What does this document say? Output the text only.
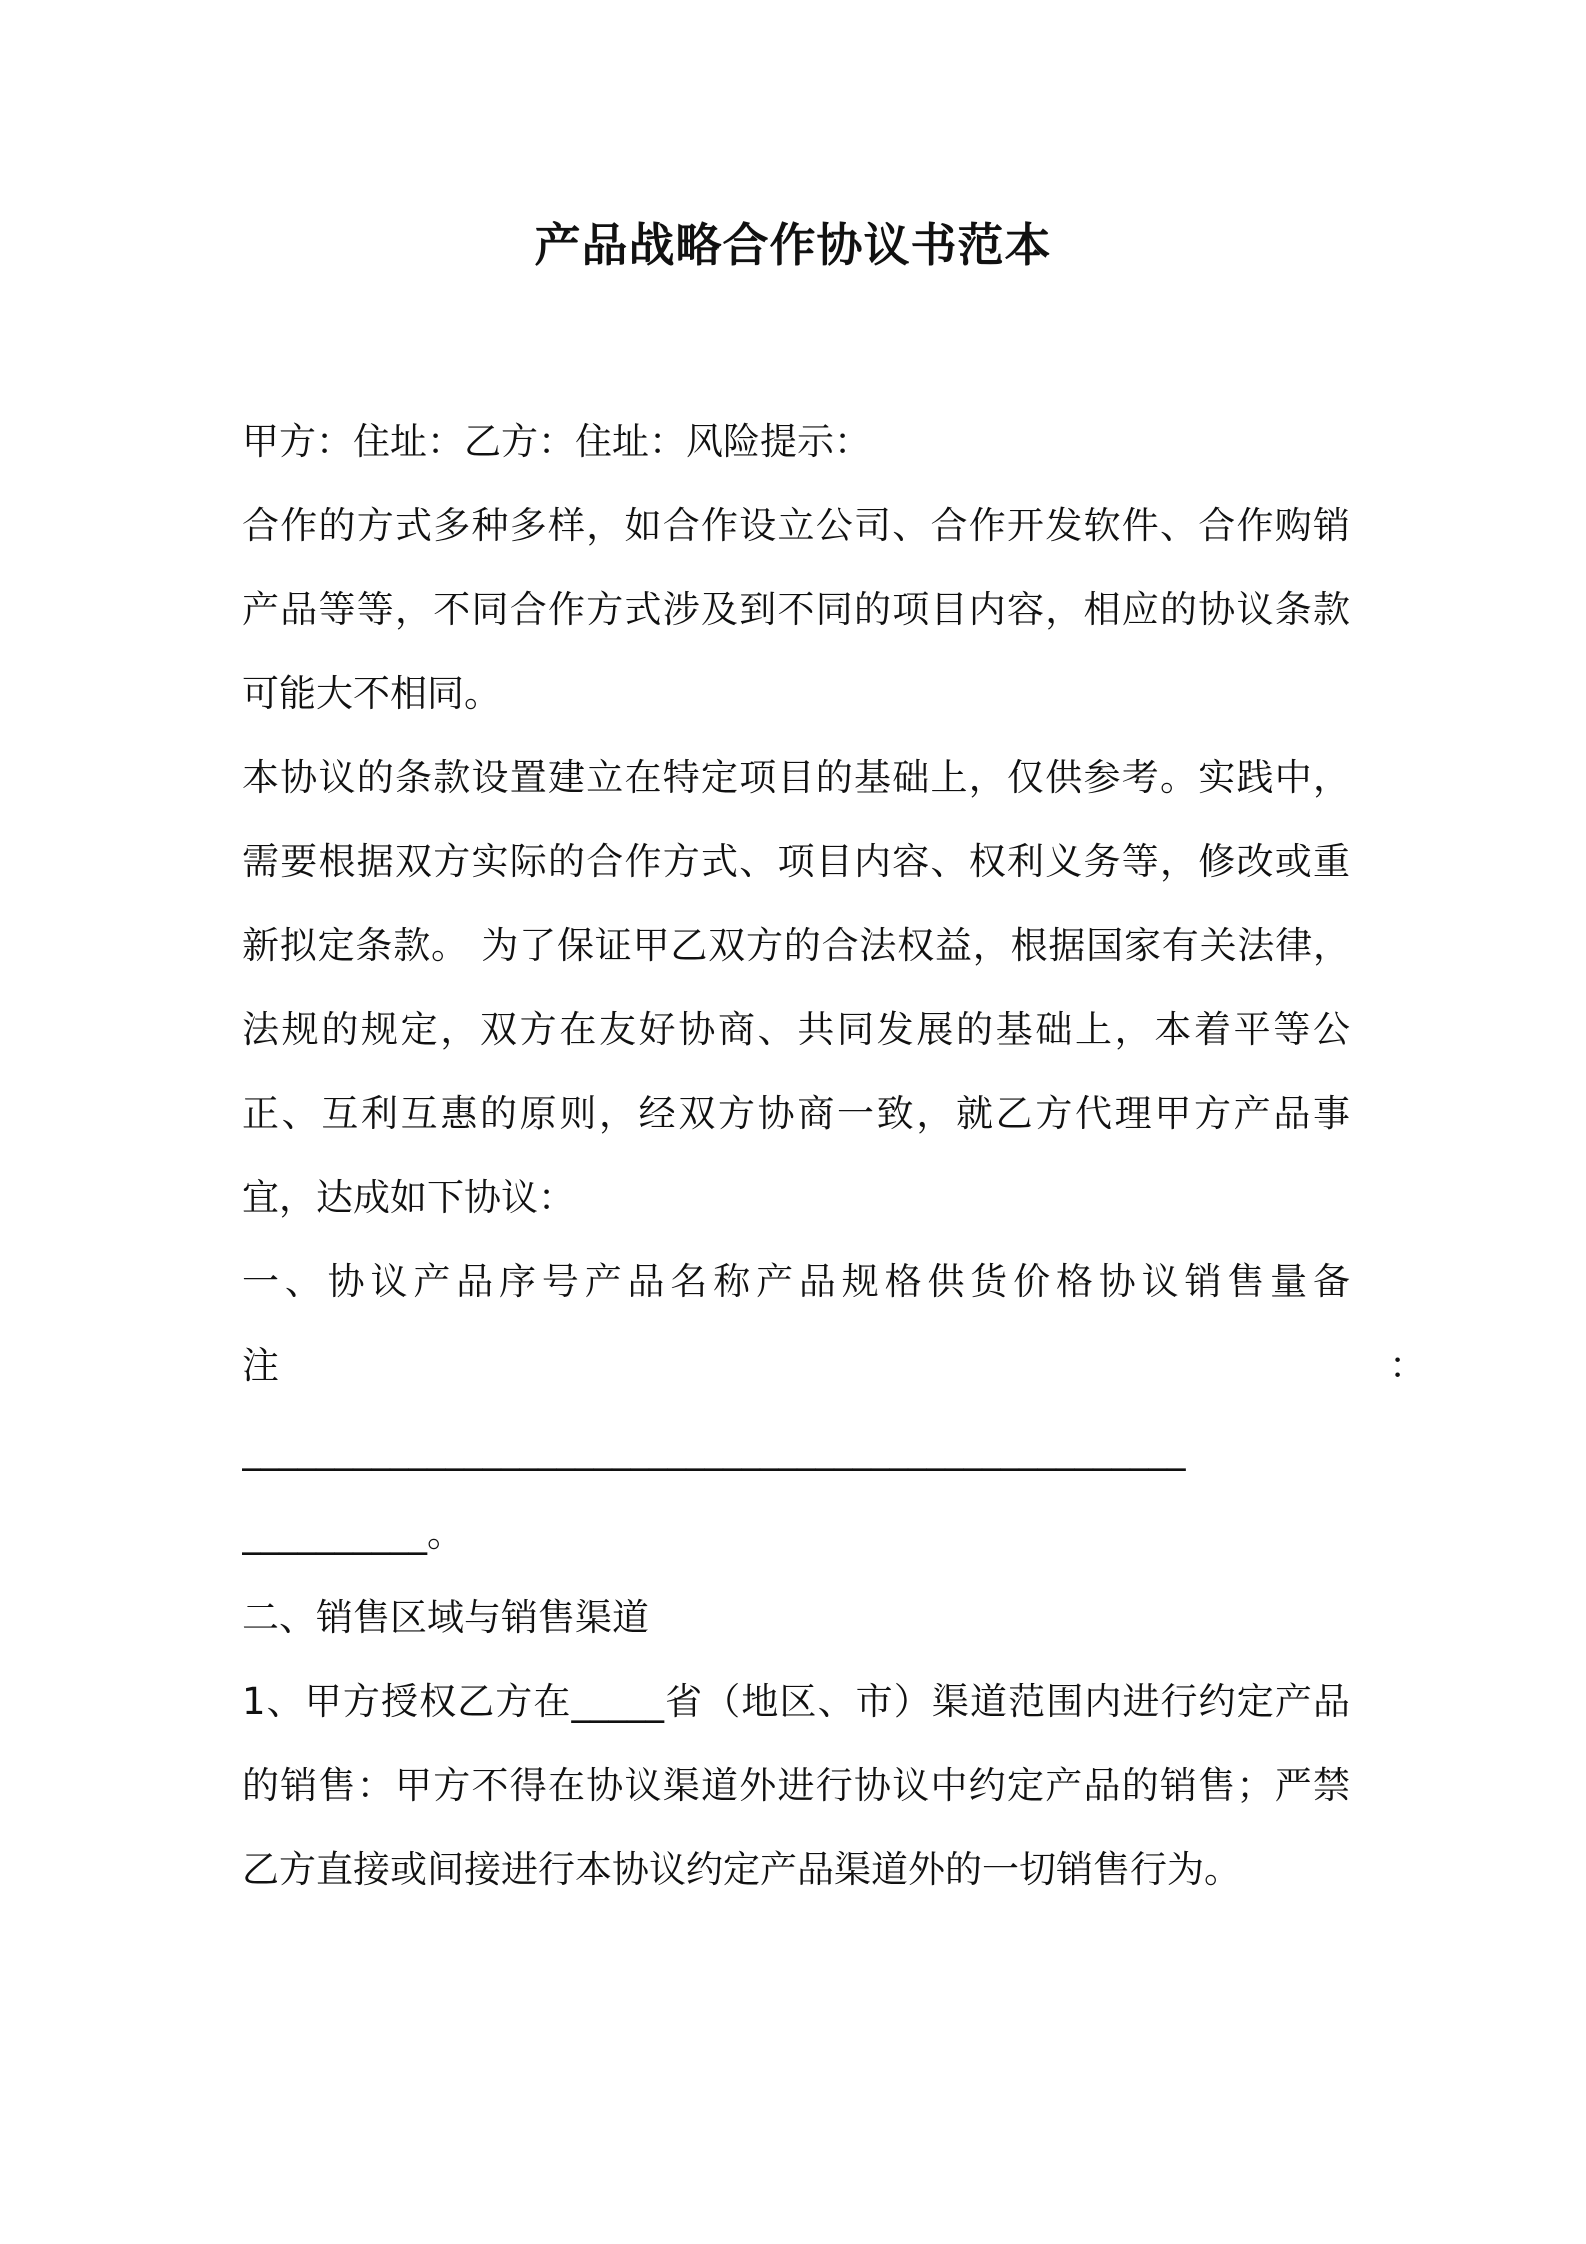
产品战略合作协议书范本

甲方：住址：乙方：住址：风险提示：

合作的方式多种多样，如合作设立公司、合作开发软件、合作购销产品等等，不同合作方式涉及到不同的项目内容，相应的协议条款可能大不相同。

本协议的条款设置建立在特定项目的基础上，仅供参考。实践中，需要根据双方实际的合作方式、项目内容、权利义务等，修改或重新拟定条款。 为了保证甲乙双方的合法权益，根据国家有关法律，法规的规定，双方在友好协商、共同发展的基础上，本着平等公正、互利互惠的原则，经双方协商一致，就乙方代理甲方产品事宜，达成如下协议：

一、协议产品序号产品名称产品规格供货价格协议销售量备注　　　　　　　　　　　　　　　　　　　　　　　　　　　　　　：

___________________________________________________

__________。

二、销售区域与销售渠道

1、甲方授权乙方在_____省（地区、市）渠道范围内进行约定产品的销售：甲方不得在协议渠道外进行协议中约定产品的销售；严禁乙方直接或间接进行本协议约定产品渠道外的一切销售行为。
